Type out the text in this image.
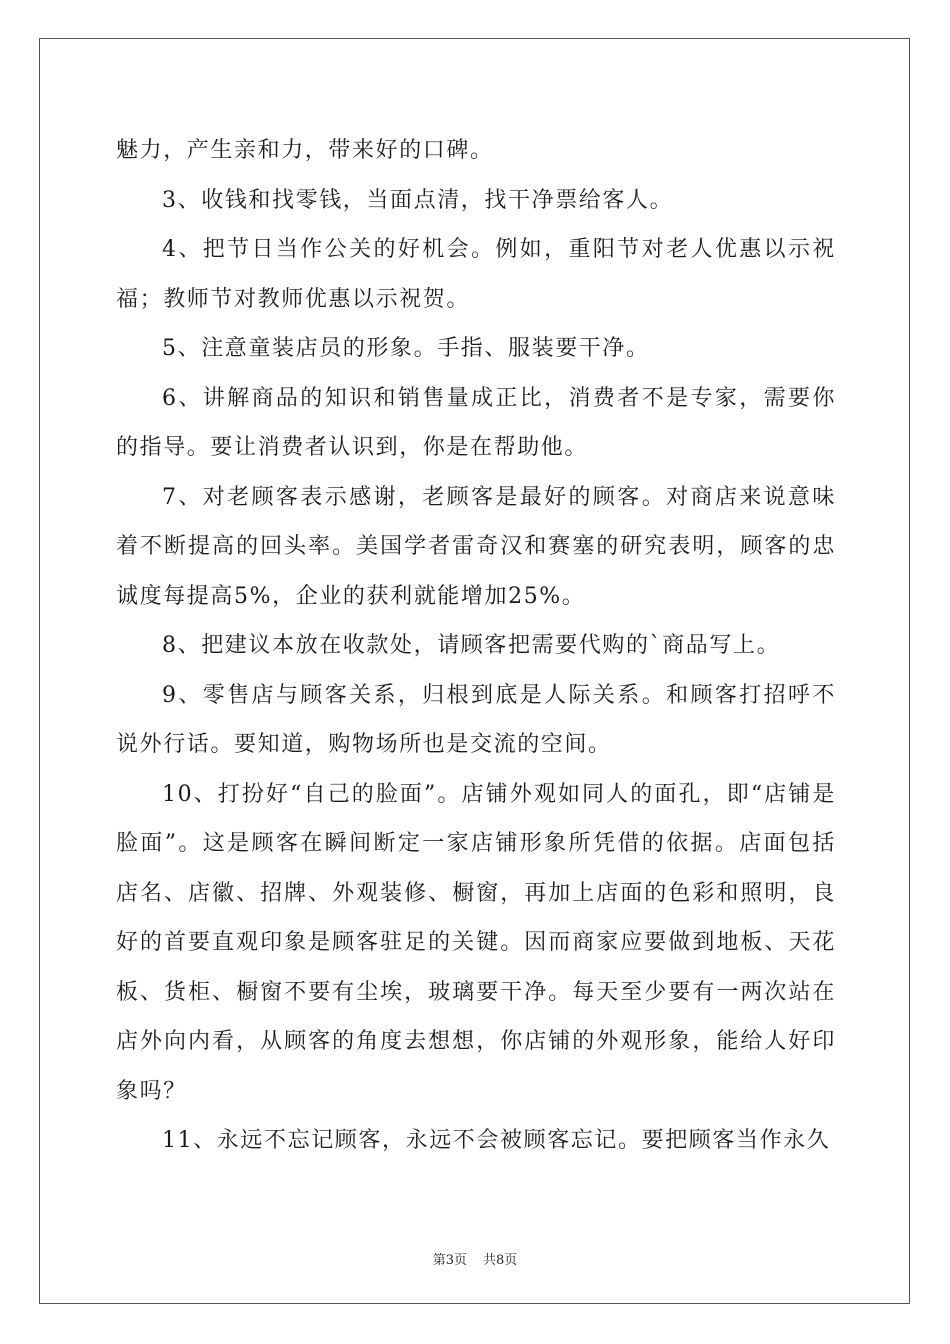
魅力，产生亲和力，带来好的口碑。

3、收钱和找零钱，当面点清，找干净票给客人。

4、把节日当作公关的好机会。例如，重阳节对老人优惠以示祝福；教师节对教师优惠以示祝贺。

5、注意童装店员的形象。手指、服装要干净。

6、讲解商品的知识和销售量成正比，消费者不是专家，需要你的指导。要让消费者认识到，你是在帮助他。

7、对老顾客表示感谢，老顾客是最好的顾客。对商店来说意味着不断提高的回头率。美国学者雷奇汉和赛塞的研究表明，顾客的忠诚度每提高5%，企业的获利就能增加25%。

8、把建议本放在收款处，请顾客把需要代购的`商品写上。

9、零售店与顾客关系，归根到底是人际关系。和顾客打招呼不说外行话。要知道，购物场所也是交流的空间。

10、打扮好“自己的脸面”。店铺外观如同人的面孔，即“店铺是脸面”。这是顾客在瞬间断定一家店铺形象所凭借的依据。店面包括店名、店徽、招牌、外观装修、橱窗，再加上店面的色彩和照明，良好的首要直观印象是顾客驻足的关键。因而商家应要做到地板、天花板、货柜、橱窗不要有尘埃，玻璃要干净。每天至少要有一两次站在店外向内看，从顾客的角度去想想，你店铺的外观形象，能给人好印象吗？

11、永远不忘记顾客，永远不会被顾客忘记。要把顾客当作永久

第3页 共8页
